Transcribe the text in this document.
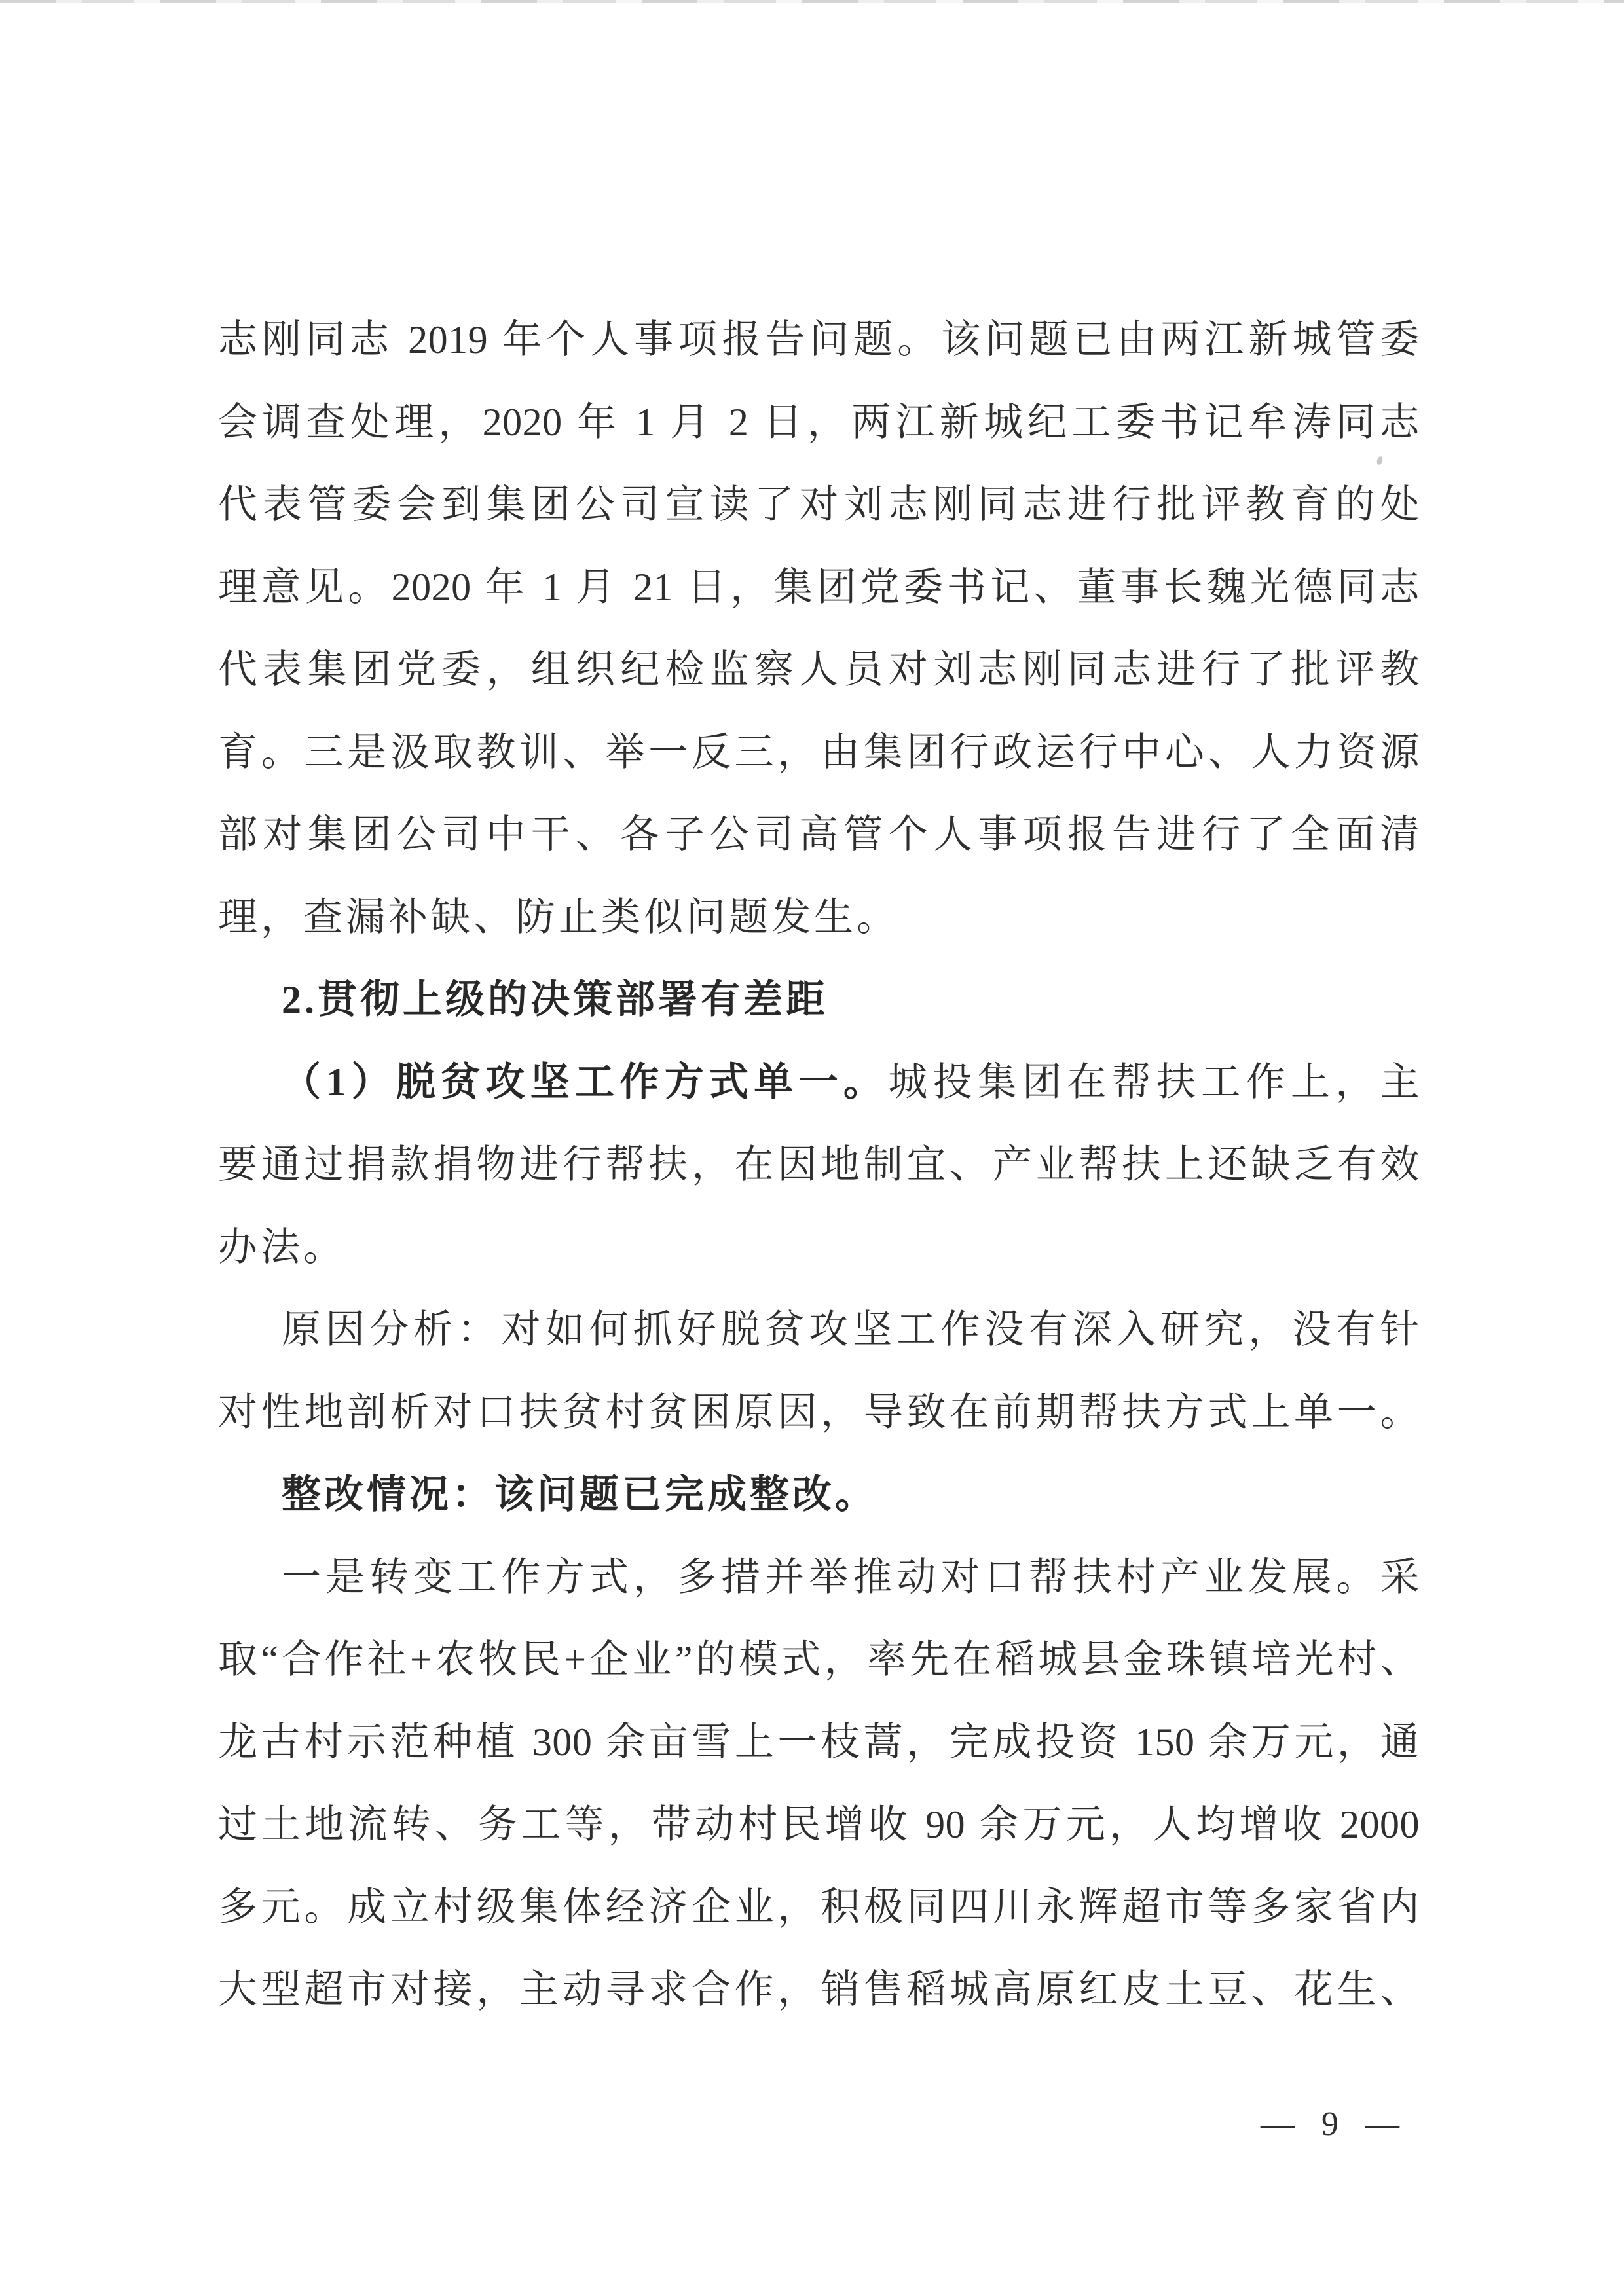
志刚同志 2019 年个人事项报告问题。该问题已由两江新城管委
会调查处理，2020 年 1 月 2 日，两江新城纪工委书记牟涛同志
代表管委会到集团公司宣读了对刘志刚同志进行批评教育的处
理意见。2020 年 1 月 21 日，集团党委书记、董事长魏光德同志
代表集团党委，组织纪检监察人员对刘志刚同志进行了批评教
育。三是汲取教训、举一反三，由集团行政运行中心、人力资源
部对集团公司中干、各子公司高管个人事项报告进行了全面清
理，查漏补缺、防止类似问题发生。
2.贯彻上级的决策部署有差距
（1）脱贫攻坚工作方式单一。城投集团在帮扶工作上，主
要通过捐款捐物进行帮扶，在因地制宜、产业帮扶上还缺乏有效
办法。
原因分析：对如何抓好脱贫攻坚工作没有深入研究，没有针
对性地剖析对口扶贫村贫困原因，导致在前期帮扶方式上单一。
整改情况：该问题已完成整改。
一是转变工作方式，多措并举推动对口帮扶村产业发展。采
取“合作社+农牧民+企业”的模式，率先在稻城县金珠镇培光村、
龙古村示范种植 300 余亩雪上一枝蒿，完成投资 150 余万元，通
过土地流转、务工等，带动村民增收 90 余万元，人均增收 2000
多元。成立村级集体经济企业，积极同四川永辉超市等多家省内
大型超市对接，主动寻求合作，销售稻城高原红皮土豆、花生、
— 9 —
